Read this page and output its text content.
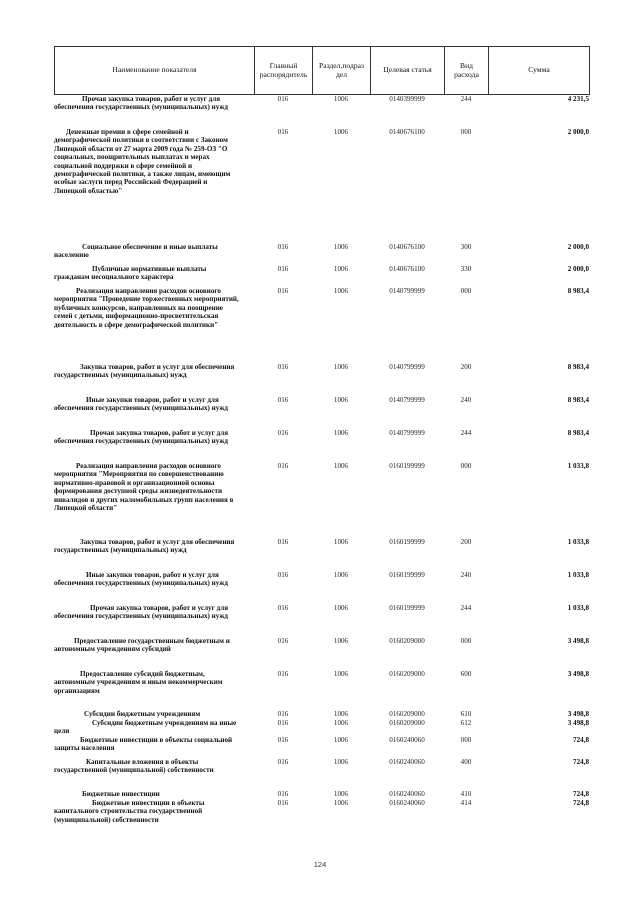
Наименование показателя	Главный распорядитель	Раздел,подраз дел	Целевая статья	Вид расхода	Сумма
Прочая закупка товаров, работ и услуг для обеспечения государственных (муниципальных) нужд	016	1006	0140399999	244	4 231,5
Денежные премии в сфере семейной и демографической политики в соответствии с Законом Липецкой области от 27 марта 2009 года № 259-ОЗ "О социальных, поощрительных выплатах и мерах социальной поддержки в сфере семейной и демографической политики, а также лицам, имеющим особые заслуги перед Российской Федерацией и Липецкой областью"	016	1006	0140676100	000	2 000,0
Социальное обеспечение и иные выплаты населению	016	1006	0140676100	300	2 000,0
Публичные нормативные выплаты гражданам несоциального характера	016	1006	0140676100	330	2 000,0
Реализация направления расходов основного мероприятия "Проведение торжественных мероприятий, публичных конкурсов, направленных на поощрение семей с детьми, информационно-просветительская деятельность в сфере демографической политики"	016	1006	0140799999	000	8 983,4
Закупка товаров, работ и услуг для обеспечения государственных (муниципальных) нужд	016	1006	0140799999	200	8 983,4
Иные закупки товаров, работ и услуг для обеспечения государственных (муниципальных) нужд	016	1006	0140799999	240	8 983,4
Прочая закупка товаров, работ и услуг для обеспечения государственных (муниципальных) нужд	016	1006	0140799999	244	8 983,4
Реализация направления расходов основного мероприятия "Мероприятия по совершенствованию нормативно-правовой и организационной основы формирования доступной среды жизнедеятельности инвалидов и других маломобильных групп населения в Липецкой области"	016	1006	0160199999	000	1 033,8
Закупка товаров, работ и услуг для обеспечения государственных (муниципальных) нужд	016	1006	0160199999	200	1 033,8
Иные закупки товаров, работ и услуг для обеспечения государственных (муниципальных) нужд	016	1006	0160199999	240	1 033,8
Прочая закупка товаров, работ и услуг для обеспечения государственных (муниципальных) нужд	016	1006	0160199999	244	1 033,8
Предоставление государственным бюджетным и автономным учреждениям субсидий	016	1006	0160209000	000	3 498,8
Предоставление субсидий бюджетным, автономным учреждениям и иным некоммерческим организациям	016	1006	0160209000	600	3 498,8
Субсидии бюджетным учреждениям	016	1006	0160209000	610	3 498,8
Субсидии бюджетным учреждениям на иные цели	016	1006	0160209000	612	3 498,8
Бюджетные инвестиции в объекты социальной защиты населения	016	1006	0160240060	000	724,8
Капитальные вложения в объекты государственной (муниципальной) собственности	016	1006	0160240060	400	724,8
Бюджетные инвестиции	016	1006	0160240060	410	724,8
Бюджетные инвестиции в объекты капитального строительства государственной (муниципальной) собственности	016	1006	0160240060	414	724,8
124
